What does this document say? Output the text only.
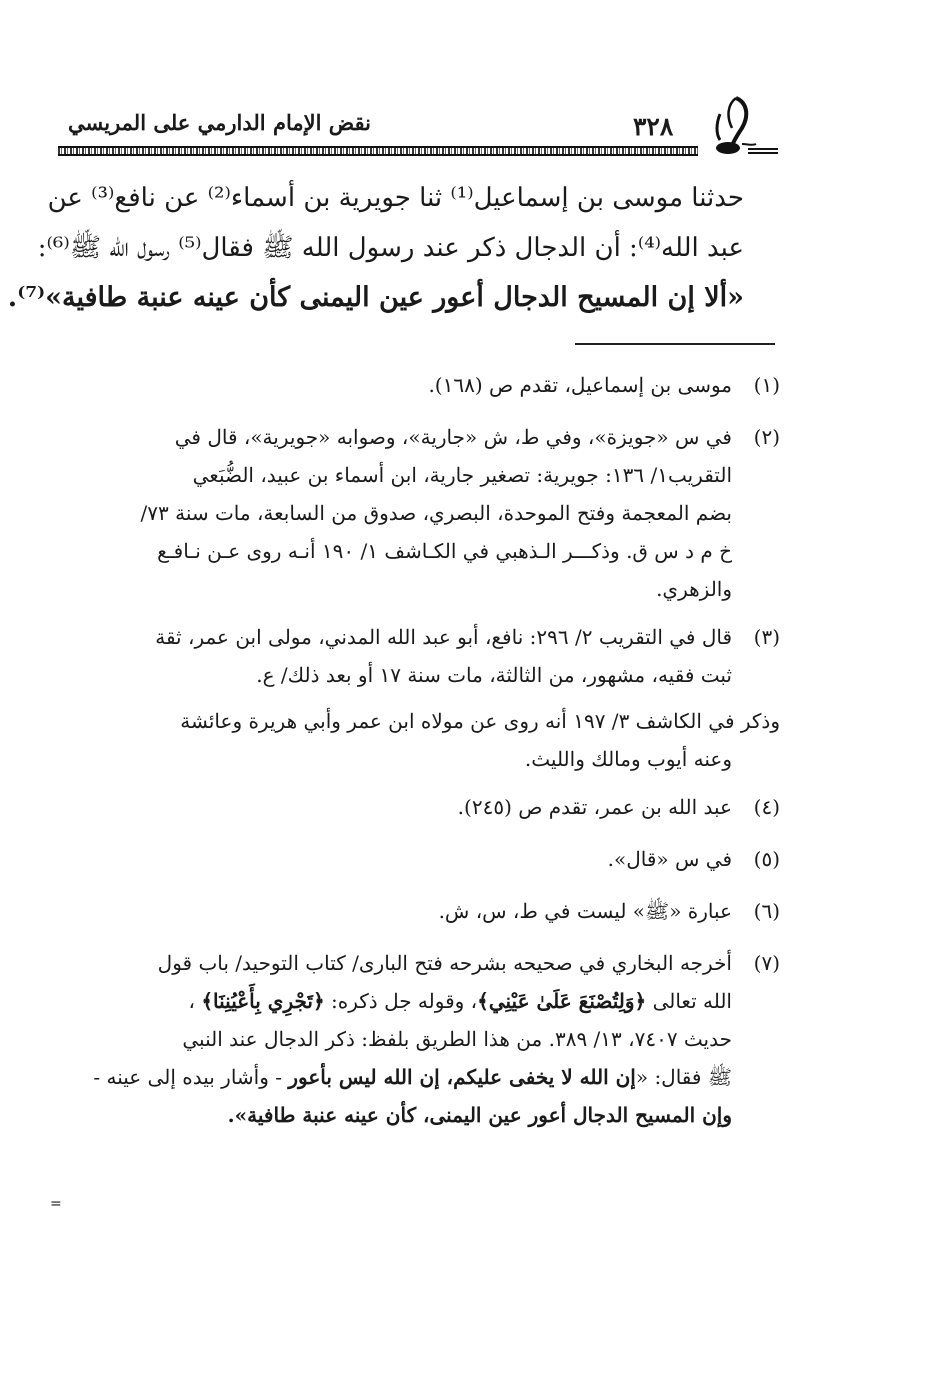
نقض الإمام الدارمي على المريسي	٣٢٨
حدثنا موسى بن إسماعيل⁽¹⁾ ثنا جويرية بن أسماء⁽²⁾ عن نافع⁽³⁾ عن
عبد الله⁽⁴⁾: أن الدجال ذكر عند رسول الله ﷺ فقال⁽⁵⁾ رسول الله ﷺ⁽⁶⁾:
«ألا إن المسيح الدجال أعور عين اليمنى كأن عينه عنبة طافية»⁽⁷⁾.
(١)
موسى بن إسماعيل، تقدم ص (١٦٨).
(٢)
في س «جويزة»، وفي ط، ش «جارية»، وصوابه «جويرية»، قال في
التقريب١/ ١٣٦: جويرية: تصغير جارية، ابن أسماء بن عبيد، الضُّبَعي
بضم المعجمة وفتح الموحدة، البصري، صدوق من السابعة، مات سنة ٧٣/
خ م د س ق. وذكـــر الـذهبي في الكـاشف ١/ ١٩٠ أنـه روى عـن نـافـع
والزهري.
(٣)
قال في التقريب ٢/ ٢٩٦: نافع، أبو عبد الله المدني، مولى ابن عمر، ثقة
ثبت فقيه، مشهور، من الثالثة، مات سنة ١٧ أو بعد ذلك/ ع.
وذكر في الكاشف ٣/ ١٩٧ أنه روى عن مولاه ابن عمر وأبي هريرة وعائشة
وعنه أيوب ومالك والليث.
(٤)
عبد الله بن عمر، تقدم ص (٢٤٥).
(٥)
في س «قال».
(٦)
عبارة «ﷺ» ليست في ط، س، ش.
(٧)
أخرجه البخاري في صحيحه بشرحه فتح البارى/ كتاب التوحيد/ باب قول
الله تعالى ﴿وَلِتُصْنَعَ عَلَىٰ عَيْنِي﴾، وقوله جل ذكره: ﴿تَجْرِي بِأَعْيُنِنَا﴾ ،
حديث ٧٤٠٧، ١٣/ ٣٨٩. من هذا الطريق بلفظ: ذكر الدجال عند النبي
ﷺ فقال: «إن الله لا يخفى عليكم، إن الله ليس بأعور - وأشار بيده إلى عينه -
وإن المسيح الدجال أعور عين اليمنى، كأن عينه عنبة طافية».
=
